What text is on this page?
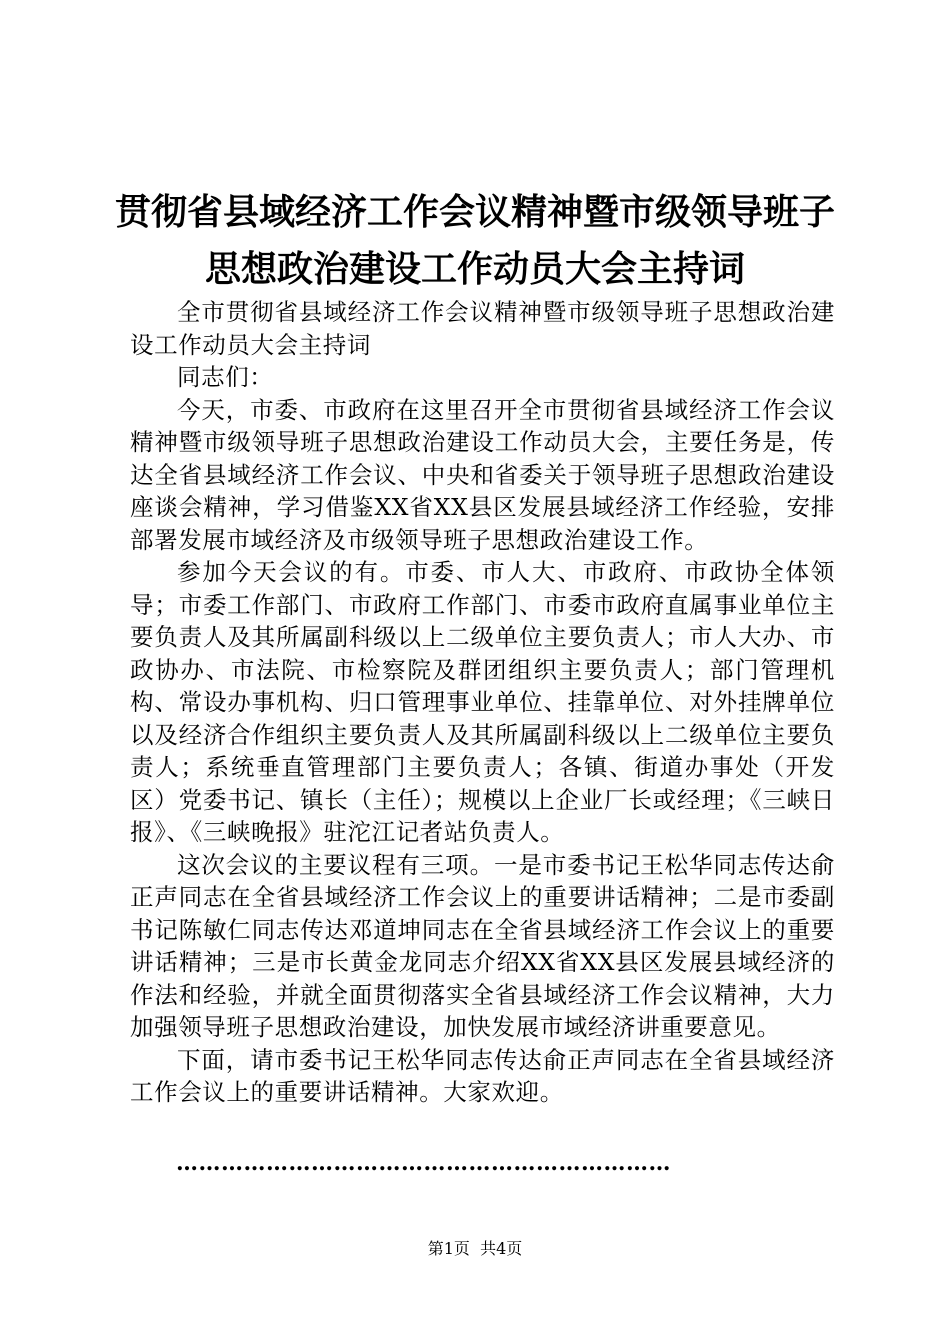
贯彻省县域经济工作会议精神暨市级领导班子
思想政治建设工作动员大会主持词

全市贯彻省县域经济工作会议精神暨市级领导班子思想政治建设工作动员大会主持词

同志们：

今天，市委、市政府在这里召开全市贯彻省县域经济工作会议精神暨市级领导班子思想政治建设工作动员大会，主要任务是，传达全省县域经济工作会议、中央和省委关于领导班子思想政治建设座谈会精神，学习借鉴XX省XX县区发展县域经济工作经验，安排部署发展市域经济及市级领导班子思想政治建设工作。

参加今天会议的有。市委、市人大、市政府、市政协全体领导；市委工作部门、市政府工作部门、市委市政府直属事业单位主要负责人及其所属副科级以上二级单位主要负责人；市人大办、市政协办、市法院、市检察院及群团组织主要负责人；部门管理机构、常设办事机构、归口管理事业单位、挂靠单位、对外挂牌单位以及经济合作组织主要负责人及其所属副科级以上二级单位主要负责人；系统垂直管理部门主要负责人；各镇、街道办事处（开发区）党委书记、镇长（主任）；规模以上企业厂长或经理；《三峡日报》、《三峡晚报》驻沱江记者站负责人。

这次会议的主要议程有三项。一是市委书记王松华同志传达俞正声同志在全省县域经济工作会议上的重要讲话精神；二是市委副书记陈敏仁同志传达邓道坤同志在全省县域经济工作会议上的重要讲话精神；三是市长黄金龙同志介绍XX省XX县区发展县域经济的作法和经验，并就全面贯彻落实全省县域经济工作会议精神，大力加强领导班子思想政治建设，加快发展市域经济讲重要意见。

下面，请市委书记王松华同志传达俞正声同志在全省县域经济工作会议上的重要讲话精神。大家欢迎。

…………………………………………………………
第1页  共4页
